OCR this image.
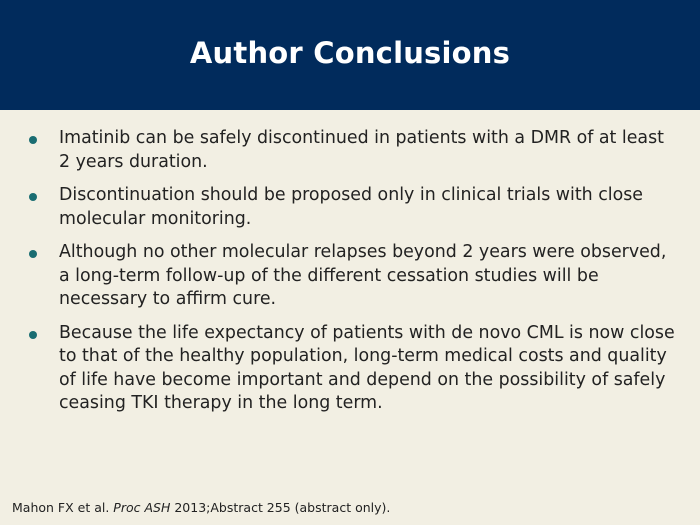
Author Conclusions
Imatinib can be safely discontinued in patients with a DMR of at least 2 years duration.
Discontinuation should be proposed only in clinical trials with close molecular monitoring.
Although no other molecular relapses beyond 2 years were observed, a long-term follow-up of the different cessation studies will be necessary to affirm cure.
Because the life expectancy of patients with de novo CML is now close to that of the healthy population, long-term medical costs and quality of life have become important and depend on the possibility of safely ceasing TKI therapy in the long term.
Mahon FX et al. Proc ASH 2013;Abstract 255 (abstract only).
